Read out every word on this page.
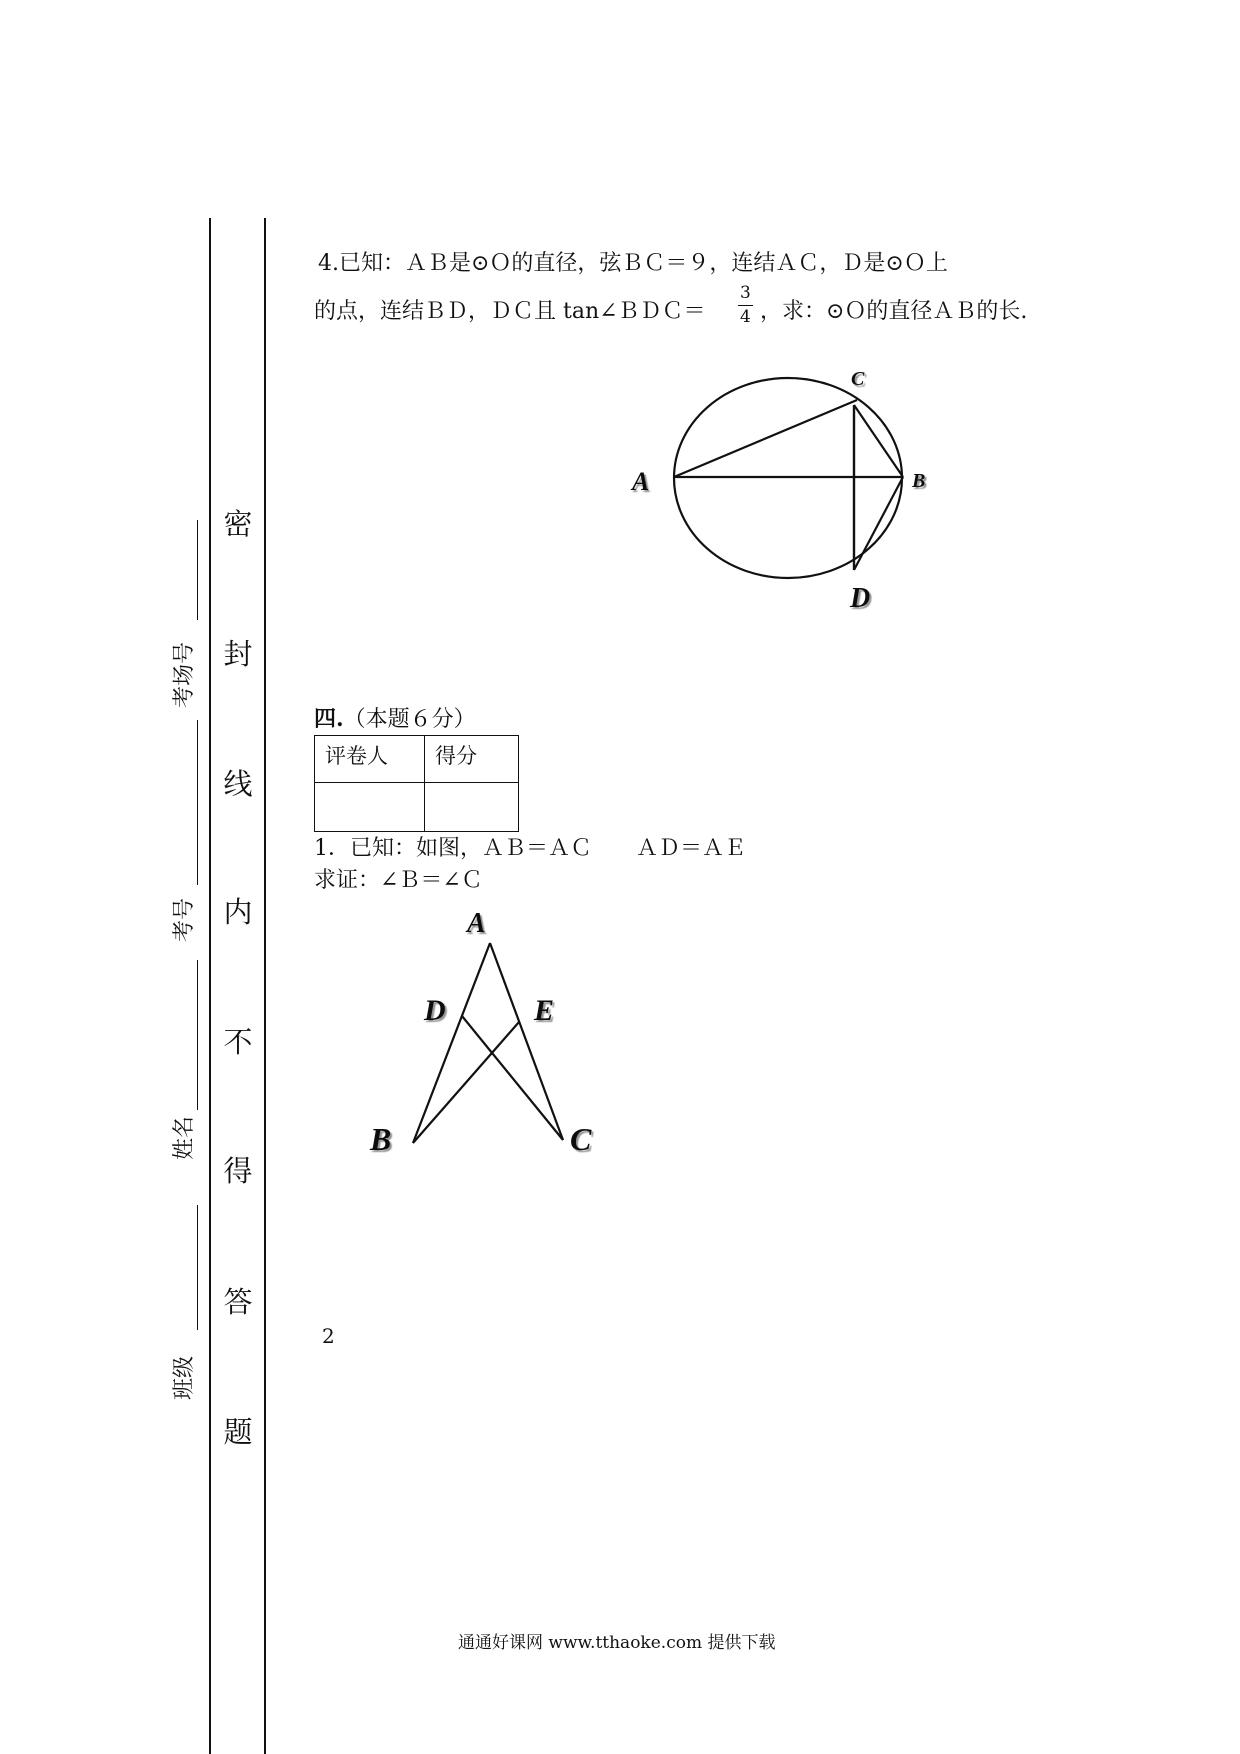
密
封
线
内
不
得
答
题
考场号
考号
姓名
班级
4.已知：ＡＢ是⊙Ｏ的直径，弦ＢＣ＝９，连结ＡＣ，Ｄ是⊙Ｏ上
的点，连结ＢＤ，ＤＣ且 tan∠ＢＤＣ＝ $\frac{3}{4}$ ，求：⊙Ｏ的直径ＡＢ的长.
A	B
C
D
四.（本题６分）
评卷人	得分

1．已知：如图，ＡＢ＝ＡＣ　　ＡＤ＝ＡＥ
求证：∠Ｂ＝∠Ｃ
A
D	E
B	C
2
通通好课网 www.tthaoke.com 提供下载
